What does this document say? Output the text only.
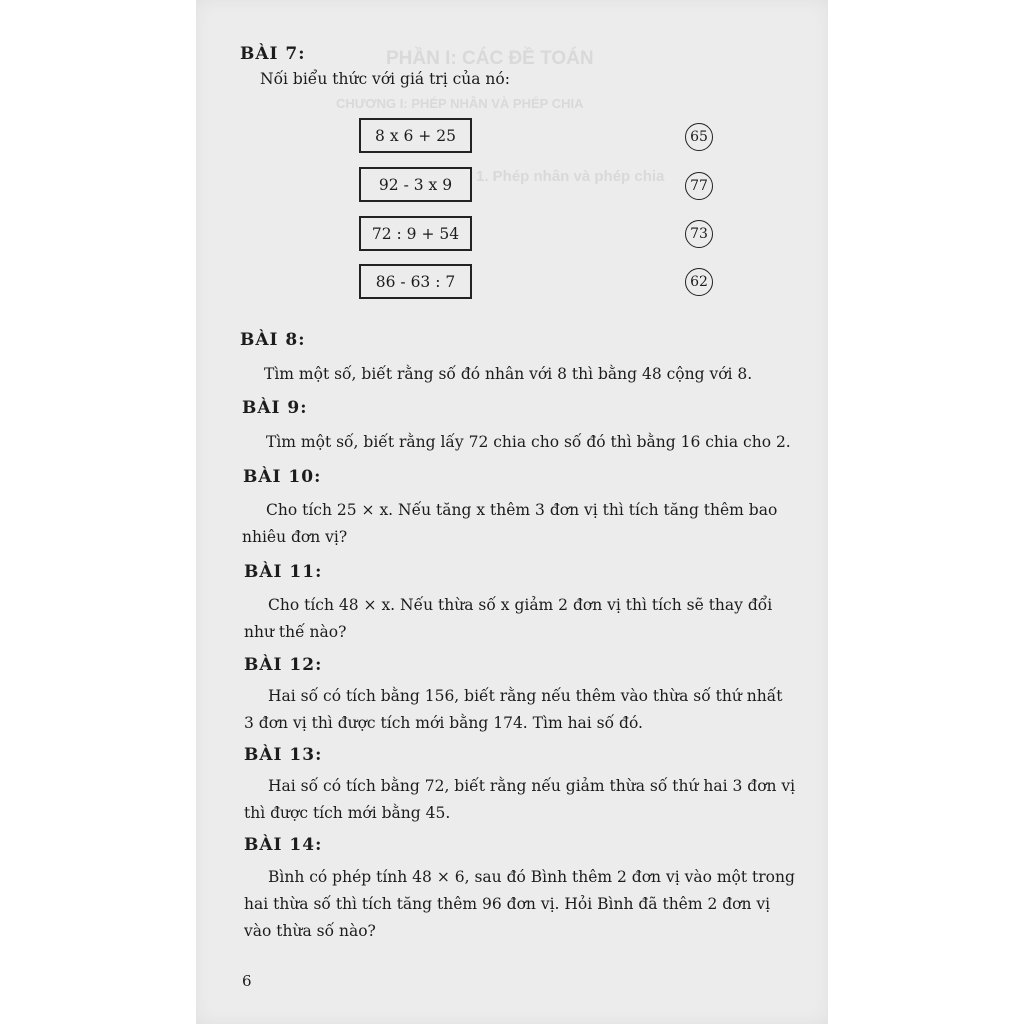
PHẦN I: CÁC ĐỀ TOÁN
CHƯƠNG I: PHÉP NHÂN VÀ PHÉP CHIA
1. Phép nhân và phép chia
BÀI 7:
Nối biểu thức với giá trị của nó:
8 x 6 + 25
92 - 3 x 9
72 : 9 + 54
86 - 63 : 7
65
77
73
62
BÀI 8:
Tìm một số, biết rằng số đó nhân với 8 thì bằng 48 cộng với 8.
BÀI 9:
Tìm một số, biết rằng lấy 72 chia cho số đó thì bằng 16 chia cho 2.
BÀI 10:
Cho tích 25 × x. Nếu tăng x thêm 3 đơn vị thì tích tăng thêm bao
nhiêu đơn vị?
BÀI 11:
Cho tích 48 × x. Nếu thừa số x giảm 2 đơn vị thì tích sẽ thay đổi
như thế nào?
BÀI 12:
Hai số có tích bằng 156, biết rằng nếu thêm vào thừa số thứ nhất
3 đơn vị thì được tích mới bằng 174. Tìm hai số đó.
BÀI 13:
Hai số có tích bằng 72, biết rằng nếu giảm thừa số thứ hai 3 đơn vị
thì được tích mới bằng 45.
BÀI 14:
Bình có phép tính 48 × 6, sau đó Bình thêm 2 đơn vị vào một trong
hai thừa số thì tích tăng thêm 96 đơn vị. Hỏi Bình đã thêm 2 đơn vị
vào thừa số nào?
6
